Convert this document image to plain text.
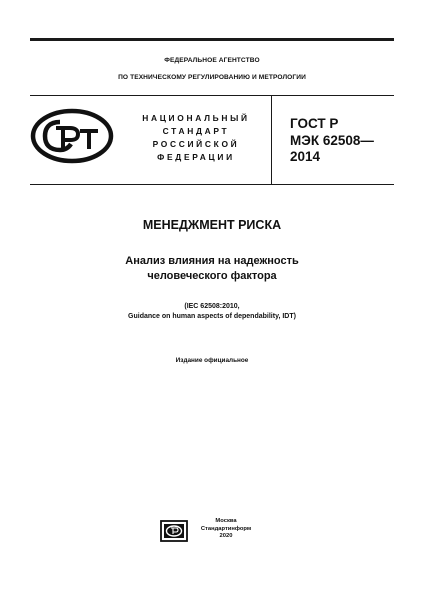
ФЕДЕРАЛЬНОЕ АГЕНТСТВО
ПО ТЕХНИЧЕСКОМУ РЕГУЛИРОВАНИЮ И МЕТРОЛОГИИ
НАЦИОНАЛЬНЫЙ
СТАНДАРТ
РОССИЙСКОЙ
ФЕДЕРАЦИИ
ГОСТ Р
МЭК 62508—
2014
МЕНЕДЖМЕНТ РИСКА
Анализ влияния на надежность
человеческого фактора
(IEC 62508:2010,
Guidance on human aspects of dependability, IDT)
Издание официальное
Москва
Стандартинформ
2020
